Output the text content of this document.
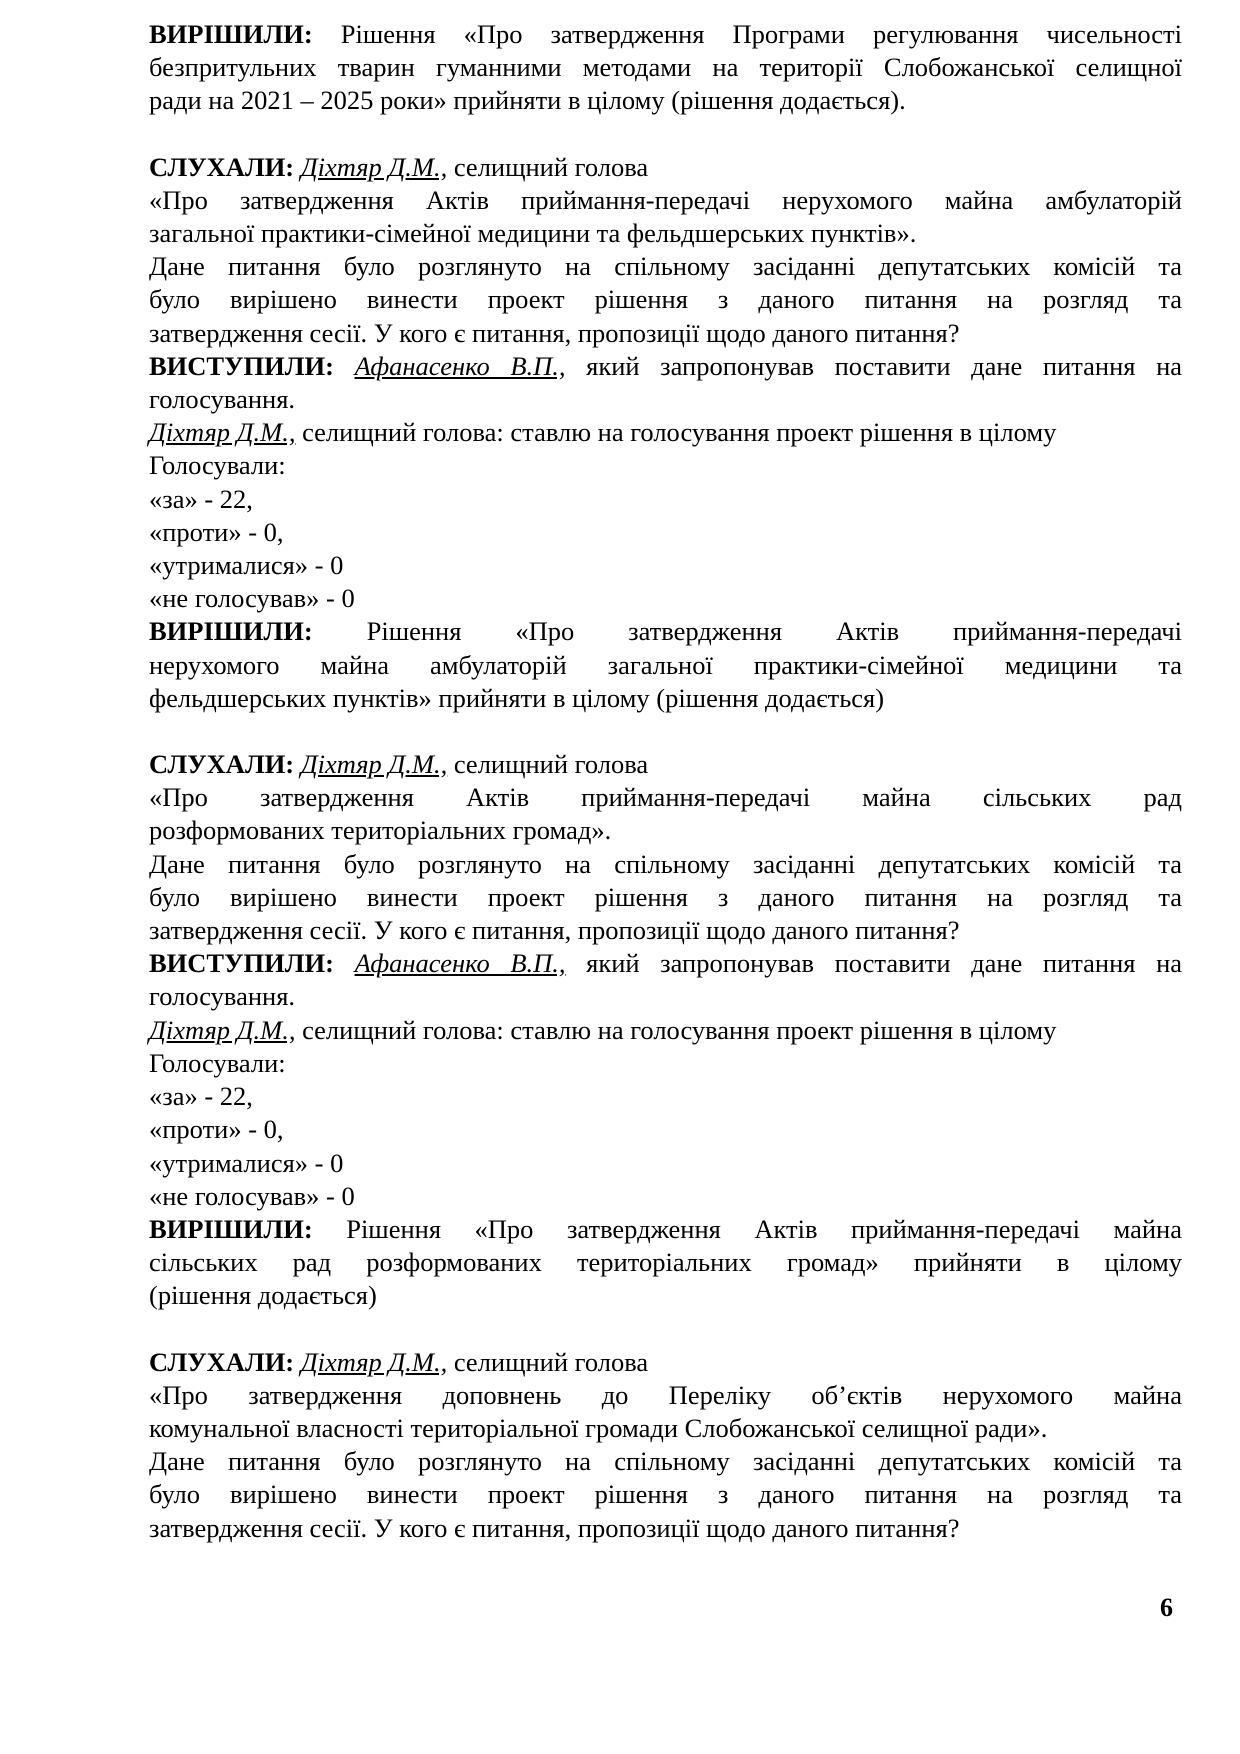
ВИРІШИЛИ: Рішення «Про затвердження Програми регулювання чисельності
безпритульних тварин гуманними методами на території Слобожанської селищної
ради на 2021 – 2025 роки» прийняти в цілому (рішення додається).

СЛУХАЛИ: Діхтяр Д.М., селищний голова

«Про затвердження Актів приймання-передачі нерухомого майна амбулаторій
загальної практики-сімейної медицини та фельдшерських пунктів».

Дане питання було розглянуто на спільному засіданні депутатських комісій та
було вирішено винести проект рішення з даного питання на розгляд та
затвердження сесії. У кого є питання, пропозиції щодо даного питання?

ВИСТУПИЛИ: Афанасенко В.П., який запропонував поставити дане питання на голосування.

Діхтяр Д.М., селищний голова: ставлю на голосування проект рішення в цілому

Голосували:

«за» - 22,

«проти» - 0,

«утрималися» - 0

«не голосував» - 0

ВИРІШИЛИ: Рішення «Про затвердження Актів приймання-передачі
нерухомого майна амбулаторій загальної практики-сімейної медицини та
фельдшерських пунктів» прийняти в цілому (рішення додається)

СЛУХАЛИ: Діхтяр Д.М., селищний голова

«Про затвердження Актів приймання-передачі майна сільських рад
розформованих територіальних громад».

Дане питання було розглянуто на спільному засіданні депутатських комісій та
було вирішено винести проект рішення з даного питання на розгляд та
затвердження сесії. У кого є питання, пропозиції щодо даного питання?

ВИСТУПИЛИ: Афанасенко В.П., який запропонував поставити дане питання на голосування.

Діхтяр Д.М., селищний голова: ставлю на голосування проект рішення в цілому

Голосували:

«за» - 22,

«проти» - 0,

«утрималися» - 0

«не голосував» - 0

ВИРІШИЛИ: Рішення «Про затвердження Актів приймання-передачі майна
сільських рад розформованих територіальних громад» прийняти в цілому
(рішення додається)

СЛУХАЛИ: Діхтяр Д.М., селищний голова

«Про затвердження доповнень до Переліку об’єктів нерухомого майна
комунальної власності територіальної громади Слобожанської селищної ради».

Дане питання було розглянуто на спільному засіданні депутатських комісій та
було вирішено винести проект рішення з даного питання на розгляд та
затвердження сесії. У кого є питання, пропозиції щодо даного питання?

6
